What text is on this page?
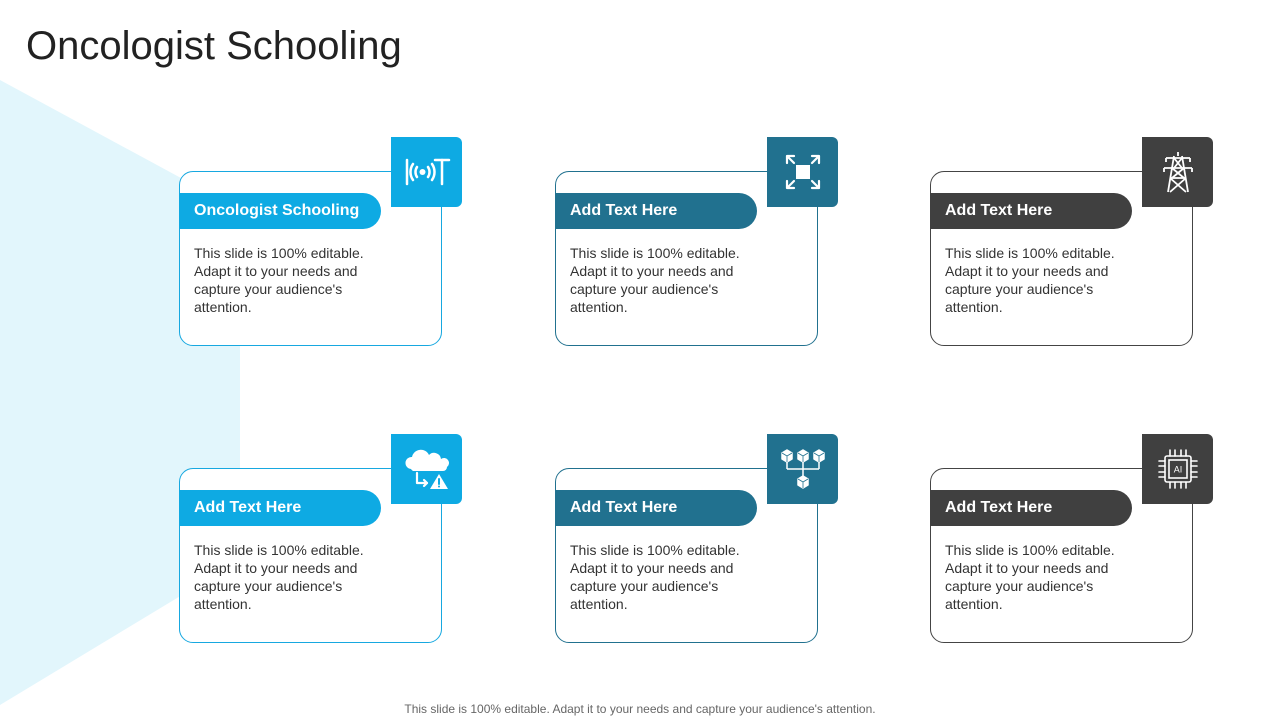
Oncologist Schooling
Oncologist Schooling
This slide is 100% editable. Adapt it to your needs and capture your audience's attention.
Add Text Here
This slide is 100% editable. Adapt it to your needs and capture your audience's attention.
Add Text Here
This slide is 100% editable. Adapt it to your needs and capture your audience's attention.
Add Text Here
This slide is 100% editable. Adapt it to your needs and capture your audience's attention.
Add Text Here
This slide is 100% editable. Adapt it to your needs and capture your audience's attention.
Add Text Here
This slide is 100% editable. Adapt it to your needs and capture your audience's attention.
AI
This slide is 100% editable. Adapt it to your needs and capture your audience's attention.
